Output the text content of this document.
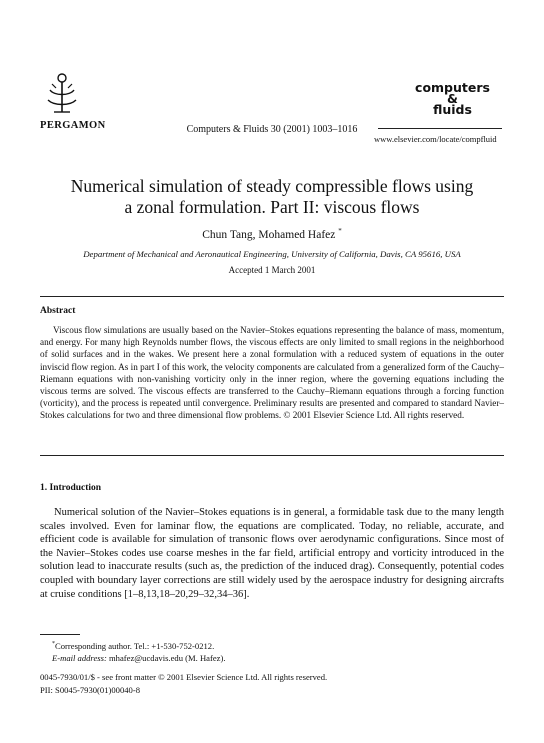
PERGAMON	Computers & Fluids 30 (2001) 1003–1016
computers
&
fluids
www.elsevier.com/locate/compfluid
Numerical simulation of steady compressible flows using
a zonal formulation. Part II: viscous flows
Chun Tang, Mohamed Hafez *
Department of Mechanical and Aeronautical Engineering, University of California, Davis, CA 95616, USA
Accepted 1 March 2001
Abstract
Viscous flow simulations are usually based on the Navier–Stokes equations representing the balance of mass, momentum, and energy. For many high Reynolds number flows, the viscous effects are only limited to small regions in the neighborhood of solid surfaces and in the wakes. We present here a zonal formulation with a reduced system of equations in the outer inviscid flow region. As in part I of this work, the velocity components are calculated from a generalized form of the Cauchy–Riemann equations with non-vanishing vorticity only in the inner region, where the governing equations including the viscous terms are solved. The viscous effects are transferred to the Cauchy–Riemann equations through a forcing function (vorticity), and the process is repeated until convergence. Preliminary results are presented and compared to standard Navier–Stokes calculations for two and three dimensional flow problems. © 2001 Elsevier Science Ltd. All rights reserved.
1. Introduction
Numerical solution of the Navier–Stokes equations is in general, a formidable task due to the many length scales involved. Even for laminar flow, the equations are complicated. Today, no reliable, accurate, and efficient code is available for simulation of transonic flows over aerodynamic configurations. Since most of the Navier–Stokes codes use coarse meshes in the far field, artificial entropy and vorticity introduced in the solution lead to inaccurate results (such as, the prediction of the induced drag). Consequently, potential codes coupled with boundary layer corrections are still widely used by the aerospace industry for designing aircrafts at cruise conditions [1–8,13,18–20,29–32,34–36].
*Corresponding author. Tel.: +1-530-752-0212.
E-mail address: mhafez@ucdavis.edu (M. Hafez).
0045-7930/01/$ - see front matter © 2001 Elsevier Science Ltd. All rights reserved.
PII: S0045-7930(01)00040-8
